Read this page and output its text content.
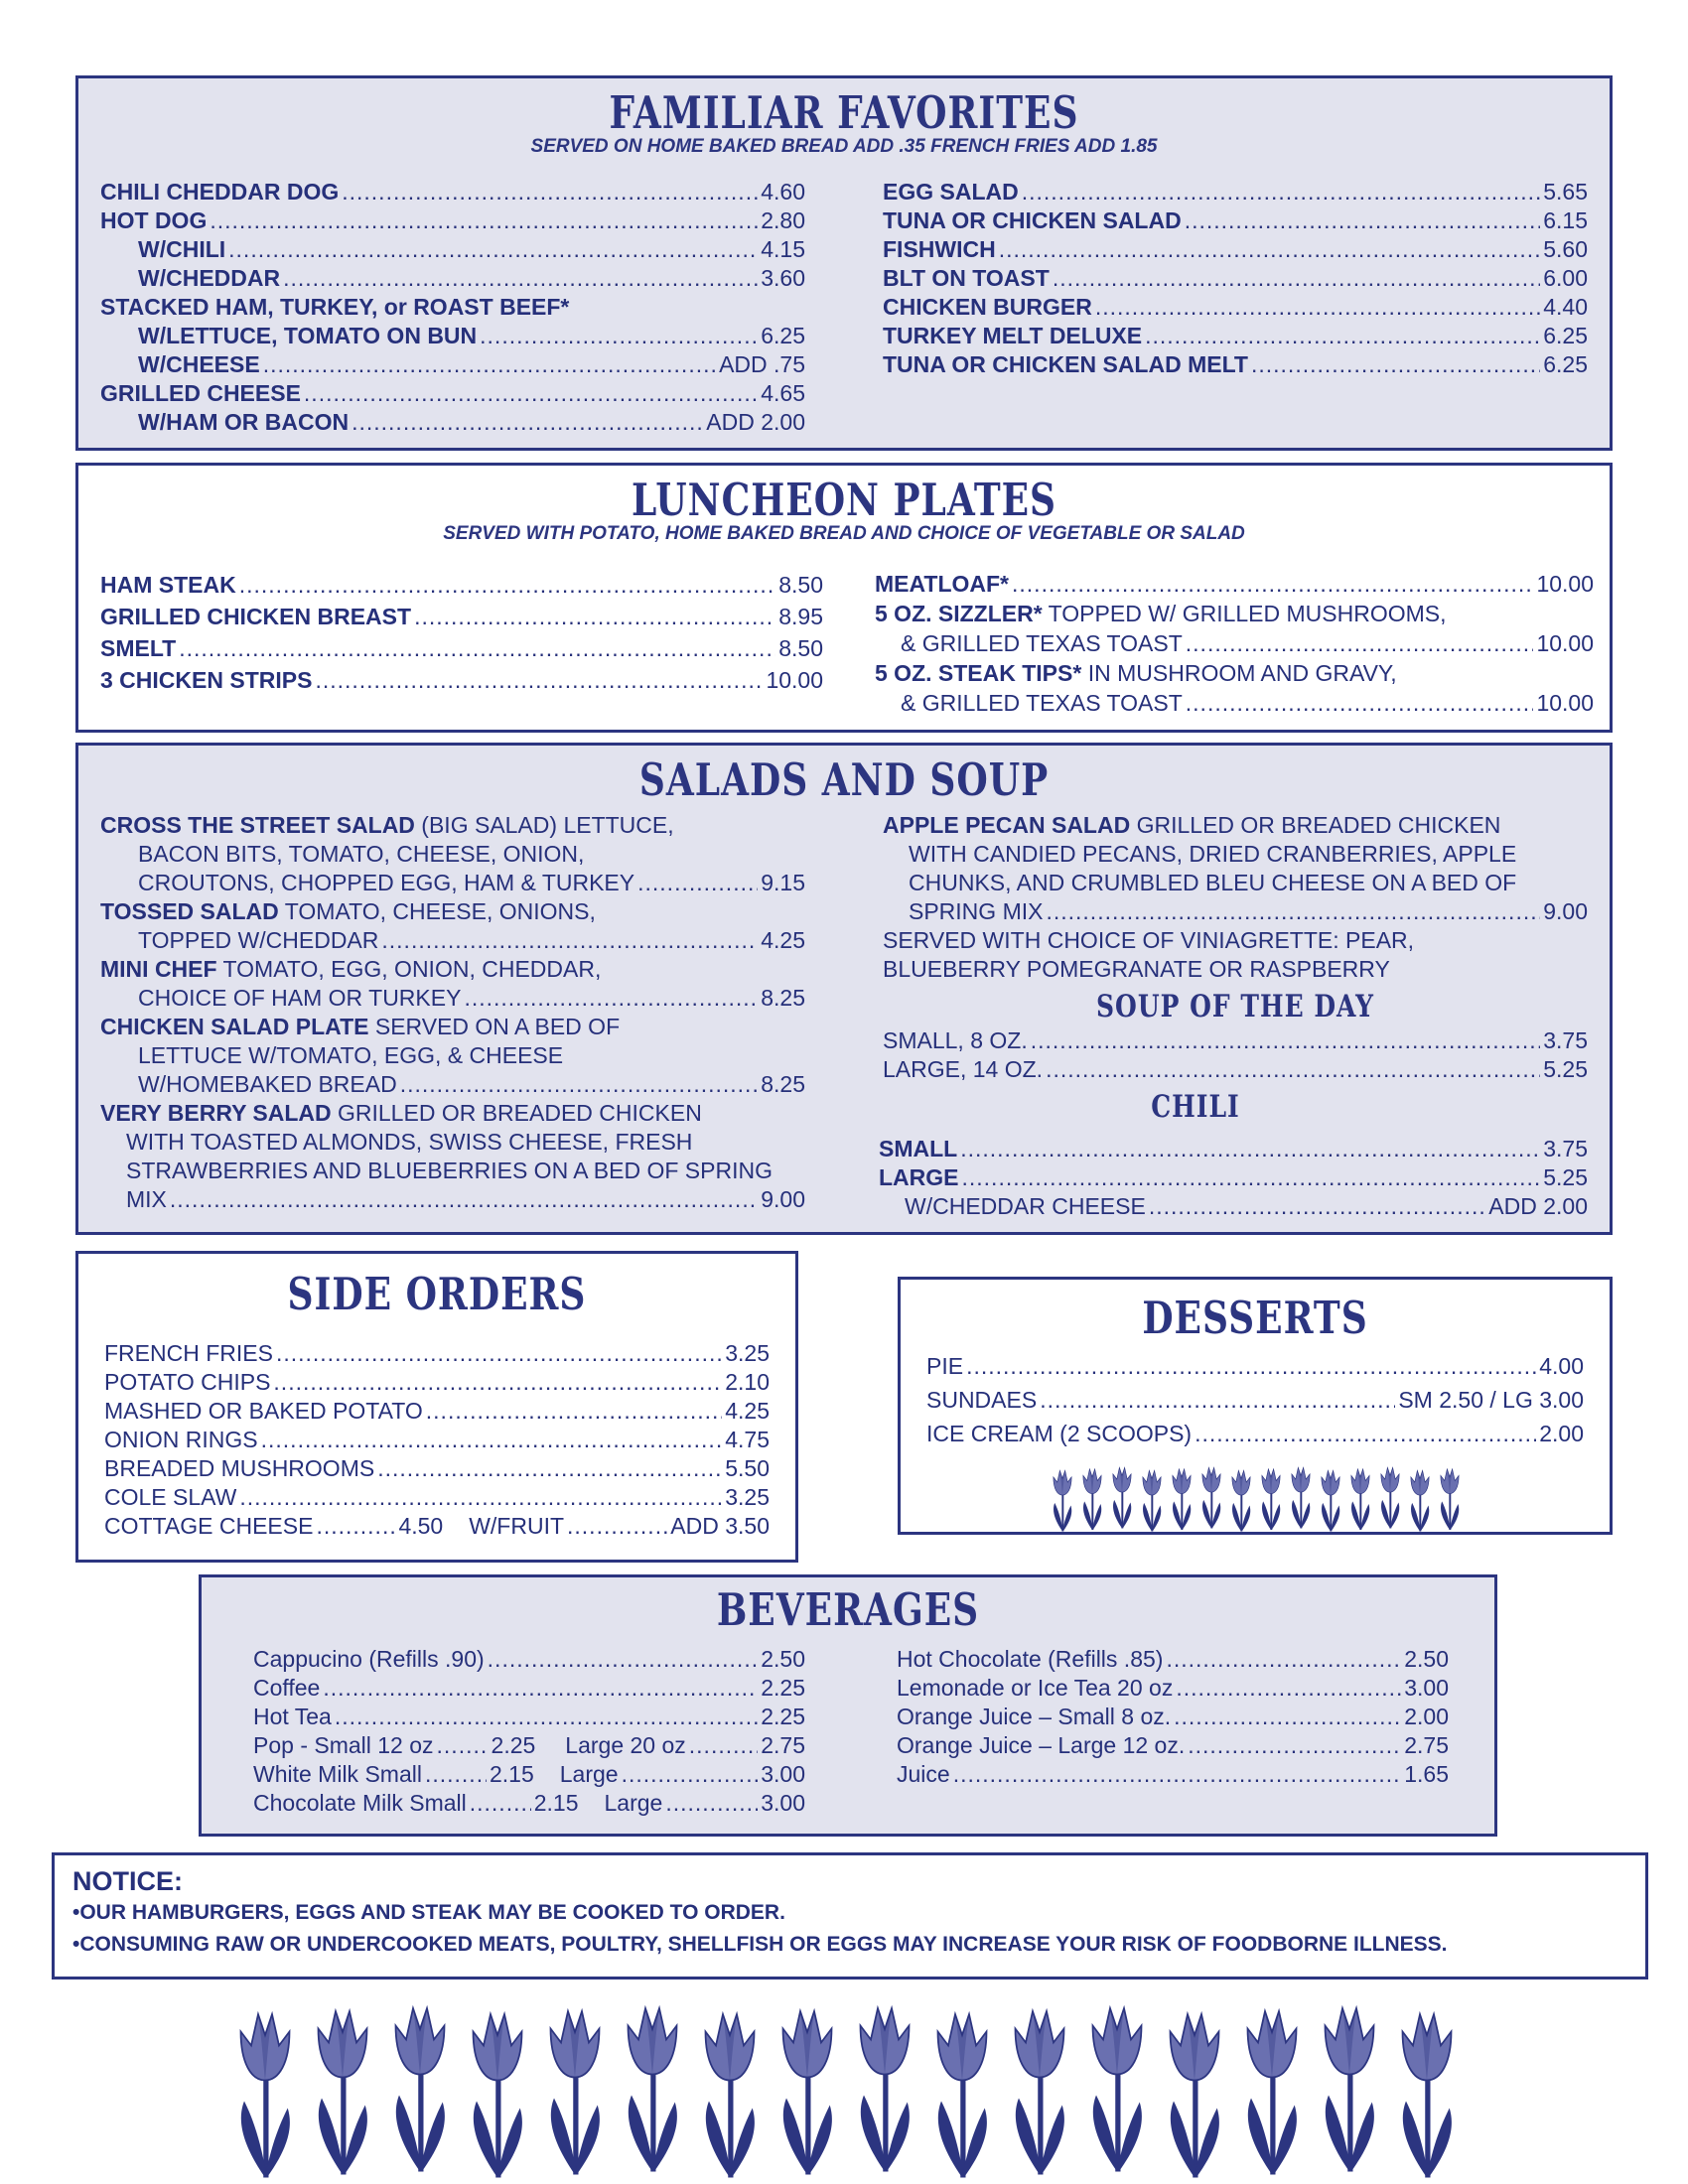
FAMILIAR FAVORITES
SERVED ON HOME BAKED BREAD ADD .35 FRENCH FRIES ADD 1.85
CHILI CHEDDAR DOG .....	4.60
HOT DOG .....	2.80
W/CHILI .....	4.15
W/CHEDDAR .....	3.60
STACKED HAM, TURKEY, or ROAST BEEF*
W/LETTUCE, TOMATO ON BUN .....	6.25
W/CHEESE .....	ADD .75
GRILLED CHEESE .....	4.65
W/HAM OR BACON .....	ADD 2.00
EGG SALAD .....	5.65
TUNA OR CHICKEN SALAD .....	6.15
FISHWICH .....	5.60
BLT ON TOAST .....	6.00
CHICKEN BURGER .....	4.40
TURKEY MELT DELUXE .....	6.25
TUNA OR CHICKEN SALAD MELT .....	6.25
LUNCHEON PLATES
SERVED WITH POTATO, HOME BAKED BREAD AND CHOICE OF VEGETABLE OR SALAD
HAM STEAK .....	8.50
GRILLED CHICKEN BREAST .....	8.95
SMELT .....	8.50
3 CHICKEN STRIPS .....	10.00
MEATLOAF* .....	10.00
5 OZ. SIZZLER* TOPPED W/ GRILLED MUSHROOMS,
& GRILLED TEXAS TOAST .....	10.00
5 OZ. STEAK TIPS* IN MUSHROOM AND GRAVY,
& GRILLED TEXAS TOAST .....	10.00
SALADS AND SOUP
CROSS THE STREET SALAD (BIG SALAD) LETTUCE,
BACON BITS, TOMATO, CHEESE, ONION,
CROUTONS, CHOPPED EGG, HAM & TURKEY .....	9.15
TOSSED SALAD TOMATO, CHEESE, ONIONS,
TOPPED W/CHEDDAR .....	4.25
MINI CHEF TOMATO, EGG, ONION, CHEDDAR,
CHOICE OF HAM OR TURKEY .....	8.25
CHICKEN SALAD PLATE SERVED ON A BED OF
LETTUCE W/TOMATO, EGG, & CHEESE
W/HOMEBAKED BREAD .....	8.25
VERY BERRY SALAD GRILLED OR BREADED CHICKEN
WITH TOASTED ALMONDS, SWISS CHEESE, FRESH
STRAWBERRIES AND BLUEBERRIES ON A BED OF SPRING
MIX .....	9.00
APPLE PECAN SALAD GRILLED OR BREADED CHICKEN
WITH CANDIED PECANS, DRIED CRANBERRIES, APPLE
CHUNKS, AND CRUMBLED BLEU CHEESE ON A BED OF
SPRING MIX .....	9.00
SERVED WITH CHOICE OF VINIAGRETTE: PEAR,
BLUEBERRY POMEGRANATE OR RASPBERRY
SOUP OF THE DAY
SMALL, 8 OZ. .....	3.75
LARGE, 14 OZ. .....	5.25
CHILI
SMALL .....	3.75
LARGE .....	5.25
W/CHEDDAR CHEESE .....	ADD 2.00
SIDE ORDERS
FRENCH FRIES .....	3.25
POTATO CHIPS .....	2.10
MASHED OR BAKED POTATO .....	4.25
ONION RINGS .....	4.75
BREADED MUSHROOMS .....	5.50
COLE SLAW .....	3.25
COTTAGE CHEESE .....	4.50 W/FRUIT .....	ADD 3.50
DESSERTS
PIE .....	4.00
SUNDAES .....	SM 2.50 / LG 3.00
ICE CREAM (2 SCOOPS) .....	2.00
BEVERAGES
Cappucino (Refills .90) .....	2.50
Coffee .....	2.25
Hot Tea .....	2.25
Pop - Small 12 oz .....	2.25 Large 20 oz .....	2.75
White Milk Small .....	2.15 Large .....	3.00
Chocolate Milk Small .....	2.15 Large .....	3.00
Hot Chocolate (Refills .85) .....	2.50
Lemonade or Ice Tea 20 oz .....	3.00
Orange Juice – Small 8 oz. .....	2.00
Orange Juice – Large 12 oz. .....	2.75
Juice .....	1.65
NOTICE:
•OUR HAMBURGERS, EGGS AND STEAK MAY BE COOKED TO ORDER.
•CONSUMING RAW OR UNDERCOOKED MEATS, POULTRY, SHELLFISH OR EGGS MAY INCREASE YOUR RISK OF FOODBORNE ILLNESS.
